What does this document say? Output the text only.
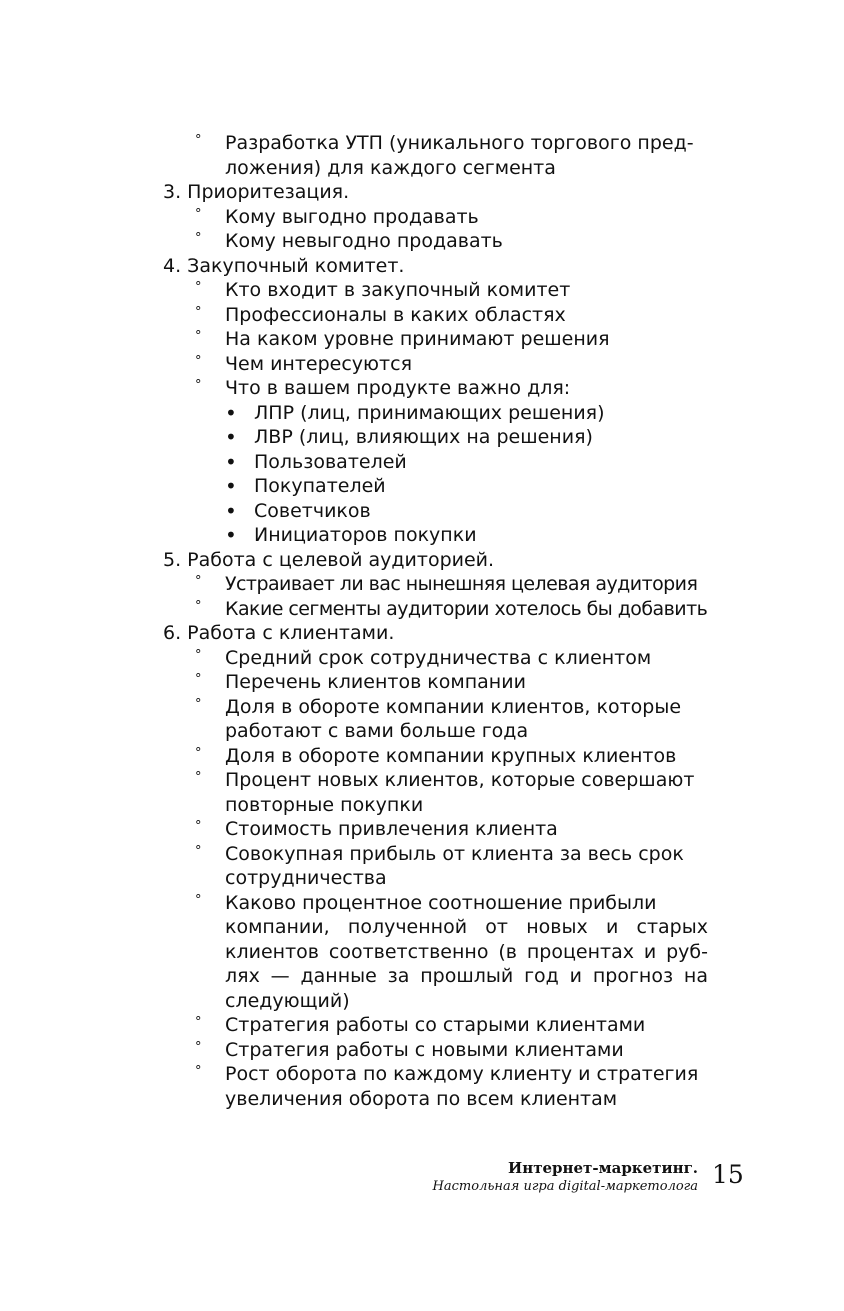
° Разработка УТП (уникального торгового пред-
ложения) для каждого сегмента
3. Приоритезация.
° Кому выгодно продавать
° Кому невыгодно продавать
4. Закупочный комитет.
° Кто входит в закупочный комитет
° Профессионалы в каких областях
° На каком уровне принимают решения
° Чем интересуются
° Что в вашем продукте важно для:
• ЛПР (лиц, принимающих решения)
• ЛВР (лиц, влияющих на решения)
• Пользователей
• Покупателей
• Советчиков
• Инициаторов покупки
5. Работа с целевой аудиторией.
° Устраивает ли вас нынешняя целевая аудитория
° Какие сегменты аудитории хотелось бы добавить
6. Работа с клиентами.
° Средний срок сотрудничества с клиентом
° Перечень клиентов компании
° Доля в обороте компании клиентов, которые
работают с вами больше года
° Доля в обороте компании крупных клиентов
° Процент новых клиентов, которые совершают
повторные покупки
° Стоимость привлечения клиента
° Совокупная прибыль от клиента за весь срок
сотрудничества
° Каково процентное соотношение прибыли
компании, полученной от новых и старых
клиентов соответственно (в процентах и руб-
лях — данные за прошлый год и прогноз на
следующий)
° Стратегия работы со старыми клиентами
° Стратегия работы с новыми клиентами
° Рост оборота по каждому клиенту и стратегия
увеличения оборота по всем клиентам
Интернет-маркетинг.
Настольная игра digital-маркетолога 15
